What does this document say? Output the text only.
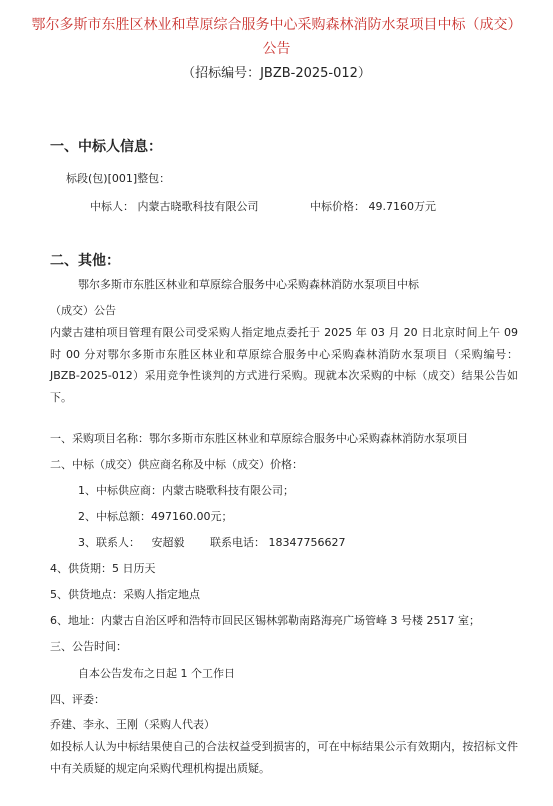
鄂尔多斯市东胜区林业和草原综合服务中心采购森林消防水泵项目中标（成交）
公告
（招标编号：JBZB-2025-012）
一、中标人信息：
标段(包)[001]整包：
中标人： 内蒙古晓歌科技有限公司	中标价格： 49.7160万元
二、其他：
鄂尔多斯市东胜区林业和草原综合服务中心采购森林消防水泵项目中标
（成交）公告
内蒙古建柏项目管理有限公司受采购人指定地点委托于 2025 年 03 月 20 日北京时间上午 09 时 00 分对鄂尔多斯市东胜区林业和草原综合服务中心采购森林消防水泵项目（采购编号：JBZB-2025-012）采用竞争性谈判的方式进行采购。现就本次采购的中标（成交）结果公告如下。
一、采购项目名称：鄂尔多斯市东胜区林业和草原综合服务中心采购森林消防水泵项目
二、中标（成交）供应商名称及中标（成交）价格：
1、中标供应商：内蒙古晓歌科技有限公司；
2、中标总额：497160.00元；
3、联系人： 安超毅 联系电话： 18347756627
4、供货期：5 日历天
5、供货地点：采购人指定地点
6、地址：内蒙古自治区呼和浩特市回民区锡林郭勒南路海亮广场管峰 3 号楼 2517 室；
三、公告时间：
自本公告发布之日起 1 个工作日
四、评委：
乔建、李永、王刚（采购人代表）
如投标人认为中标结果使自己的合法权益受到损害的，可在中标结果公示有效期内，按招标文件中有关质疑的规定向采购代理机构提出质疑。
